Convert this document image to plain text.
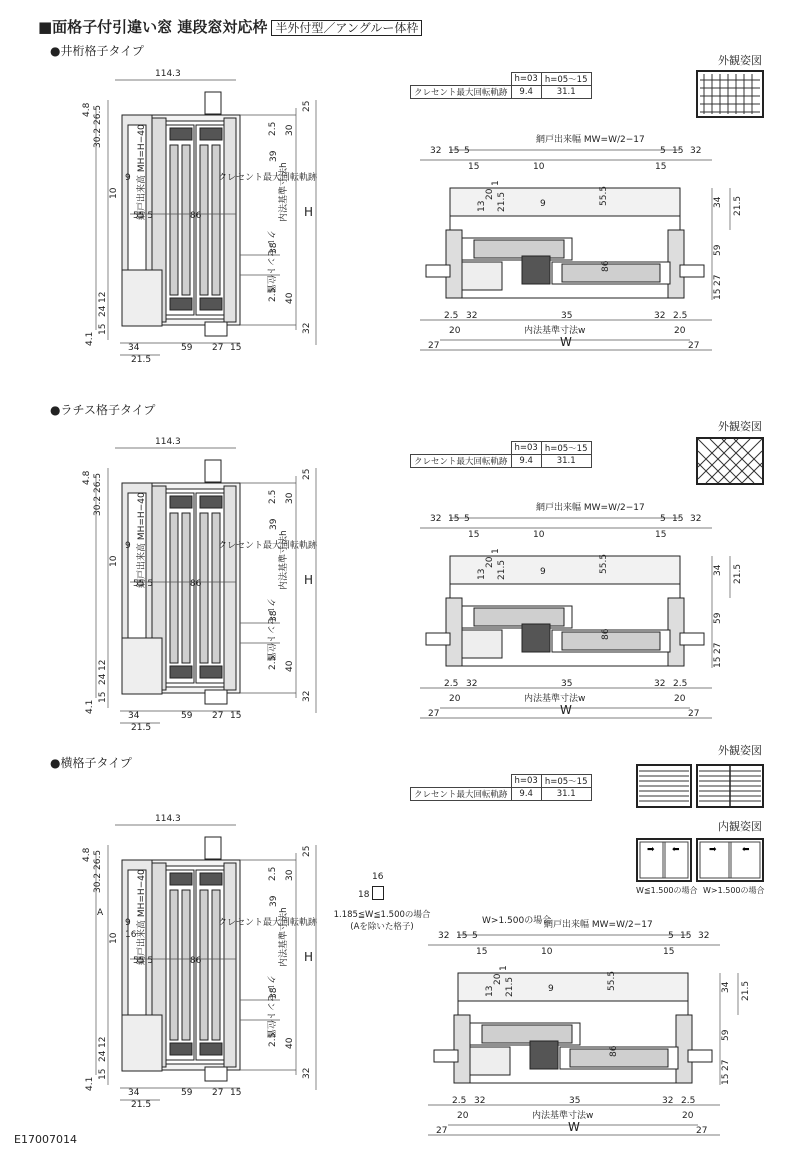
■面格子付引違い窓 連段窓対応枠 半外付型／アングルー体枠
●井桁格子タイプ
●ラチス格子タイプ
●横格子タイプ
外観姿図
外観姿図
外観姿図
内観姿図
	h=03	h=05〜15
クレセント最大回転軌跡	9.4	31.1
	h=03	h=05〜15
クレセント最大回転軌跡	9.4	31.1
	h=03	h=05〜15
クレセント最大回転軌跡	9.4	31.1
➡ ⬅	➡	⬅
W≦1.500の場合 W>1.500の場合
16
18
1.185≦W≦1.500の場合
(Aを除いた格子)
クレセント最大回転軌跡
クレセント位置
内法基準寸法h H
網戸出来高 MH=H−40
クレセント最大回転軌跡
クレセント位置
内法基準寸法h H
網戸出来高 MH=H−40
クレセント最大回転軌跡
クレセント位置
内法基準寸法h H
網戸出来高 MH=H−40
A
16
W>1.500の場合
E17007014
